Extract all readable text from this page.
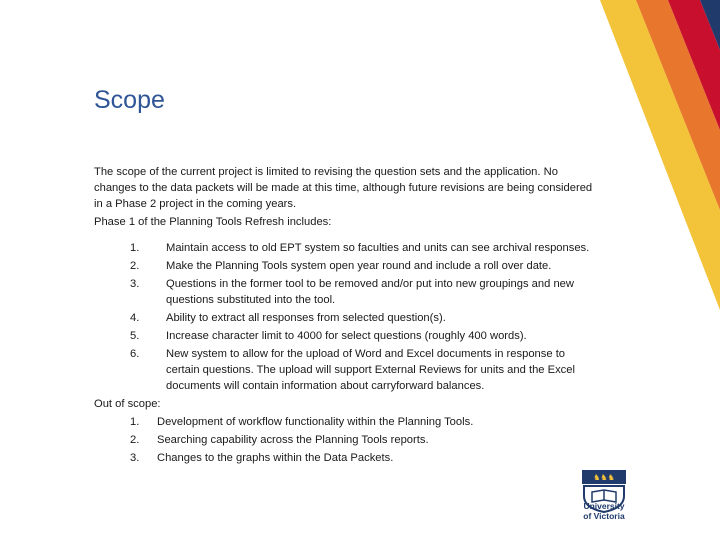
Scope

The scope of the current project is limited to revising the question sets and the application. No changes to the data packets will be made at this time, although future revisions are being considered in a Phase 2 project in the coming years.

Phase 1 of the Planning Tools Refresh includes:

1.	Maintain access to old EPT system so faculties and units can see archival responses.
2.	Make the Planning Tools system open year round and include a roll over date.
3.	Questions in the former tool to be removed and/or put into new groupings and new questions substituted into the tool.
4.	Ability to extract all responses from selected question(s).
5.	Increase character limit to 4000 for select questions (roughly 400 words).
6.	New system to allow for the upload of Word and Excel documents in response to certain questions. The upload will support External Reviews for units and the Excel documents will contain information about carryforward balances.

Out of scope:

1.	Development of workflow functionality within the Planning Tools.
2.	Searching capability across the Planning Tools reports.
3.	Changes to the graphs within the Data Packets.
♞♞♞
University
of Victoria
